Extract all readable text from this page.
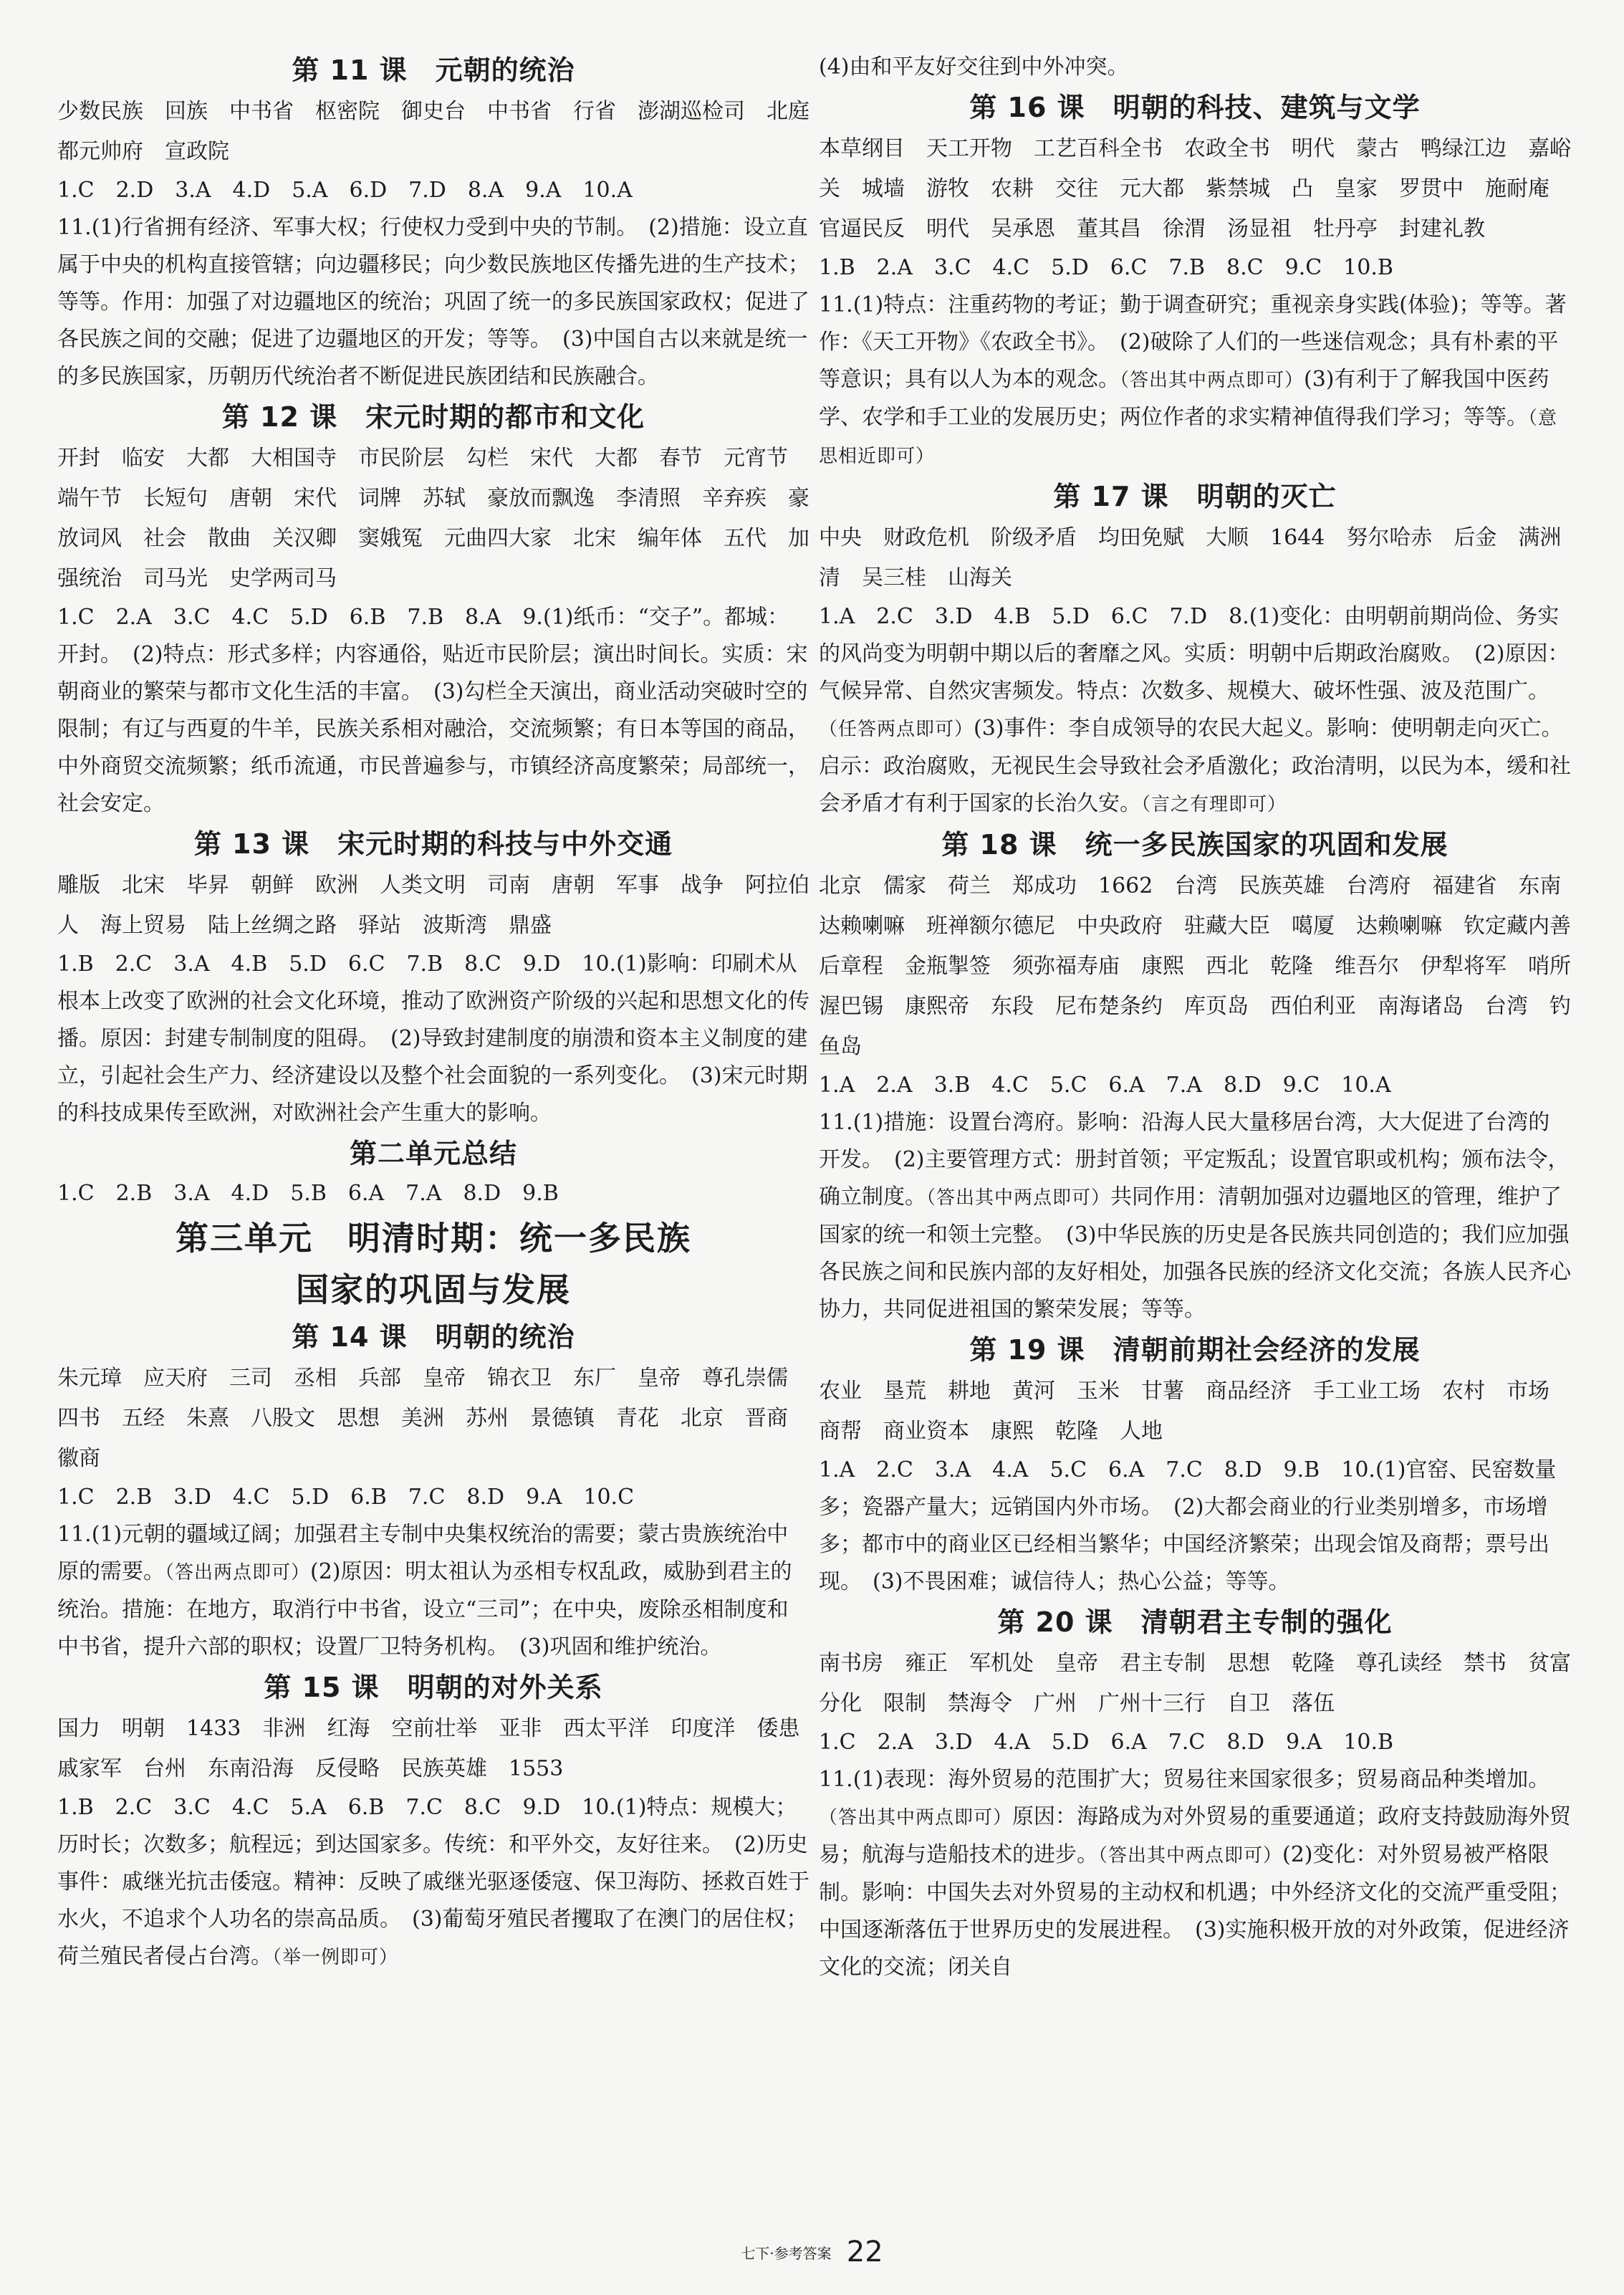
第 11 课　元朝的统治
少数民族　回族　中书省　枢密院　御史台　中书省　行省　澎湖巡检司　北庭都元帅府　宣政院
1.C　2.D　3.A　4.D　5.A　6.D　7.D　8.A　9.A　10.A
11.(1)行省拥有经济、军事大权；行使权力受到中央的节制。　(2)措施：设立直属于中央的机构直接管辖；向边疆移民；向少数民族地区传播先进的生产技术；等等。作用：加强了对边疆地区的统治；巩固了统一的多民族国家政权；促进了各民族之间的交融；促进了边疆地区的开发；等等。　(3)中国自古以来就是统一的多民族国家，历朝历代统治者不断促进民族团结和民族融合。
第 12 课　宋元时期的都市和文化
开封　临安　大都　大相国寺　市民阶层　勾栏　宋代　大都　春节　元宵节　端午节　长短句　唐朝　宋代　词牌　苏轼　豪放而飘逸　李清照　辛弃疾　豪放词风　社会　散曲　关汉卿　窦娥冤　元曲四大家　北宋　编年体　五代　加强统治　司马光　史学两司马
1.C　2.A　3.C　4.C　5.D　6.B　7.B　8.A　9.(1)纸币：“交子”。都城：开封。　(2)特点：形式多样；内容通俗，贴近市民阶层；演出时间长。实质：宋朝商业的繁荣与都市文化生活的丰富。　(3)勾栏全天演出，商业活动突破时空的限制；有辽与西夏的牛羊，民族关系相对融洽，交流频繁；有日本等国的商品，中外商贸交流频繁；纸币流通，市民普遍参与，市镇经济高度繁荣；局部统一，社会安定。
第 13 课　宋元时期的科技与中外交通
雕版　北宋　毕昇　朝鲜　欧洲　人类文明　司南　唐朝　军事　战争　阿拉伯人　海上贸易　陆上丝绸之路　驿站　波斯湾　鼎盛
1.B　2.C　3.A　4.B　5.D　6.C　7.B　8.C　9.D　10.(1)影响：印刷术从根本上改变了欧洲的社会文化环境，推动了欧洲资产阶级的兴起和思想文化的传播。原因：封建专制制度的阻碍。　(2)导致封建制度的崩溃和资本主义制度的建立，引起社会生产力、经济建设以及整个社会面貌的一系列变化。　(3)宋元时期的科技成果传至欧洲，对欧洲社会产生重大的影响。
第二单元总结
1.C　2.B　3.A　4.D　5.B　6.A　7.A　8.D　9.B
第三单元　明清时期：统一多民族
国家的巩固与发展
第 14 课　明朝的统治
朱元璋　应天府　三司　丞相　兵部　皇帝　锦衣卫　东厂　皇帝　尊孔崇儒　四书　五经　朱熹　八股文　思想　美洲　苏州　景德镇　青花　北京　晋商　徽商
1.C　2.B　3.D　4.C　5.D　6.B　7.C　8.D　9.A　10.C
11.(1)元朝的疆域辽阔；加强君主专制中央集权统治的需要；蒙古贵族统治中原的需要。（答出两点即可）(2)原因：明太祖认为丞相专权乱政，威胁到君主的统治。措施：在地方，取消行中书省，设立“三司”；在中央，废除丞相制度和中书省，提升六部的职权；设置厂卫特务机构。　(3)巩固和维护统治。
第 15 课　明朝的对外关系
国力　明朝　1433　非洲　红海　空前壮举　亚非　西太平洋　印度洋　倭患　戚家军　台州　东南沿海　反侵略　民族英雄　1553
1.B　2.C　3.C　4.C　5.A　6.B　7.C　8.C　9.D　10.(1)特点：规模大；历时长；次数多；航程远；到达国家多。传统：和平外交，友好往来。　(2)历史事件：戚继光抗击倭寇。精神：反映了戚继光驱逐倭寇、保卫海防、拯救百姓于水火，不追求个人功名的崇高品质。　(3)葡萄牙殖民者攫取了在澳门的居住权；荷兰殖民者侵占台湾。（举一例即可）
(4)由和平友好交往到中外冲突。
第 16 课　明朝的科技、建筑与文学
本草纲目　天工开物　工艺百科全书　农政全书　明代　蒙古　鸭绿江边　嘉峪关　城墙　游牧　农耕　交往　元大都　紫禁城　凸　皇家　罗贯中　施耐庵　官逼民反　明代　吴承恩　董其昌　徐渭　汤显祖　牡丹亭　封建礼教
1.B　2.A　3.C　4.C　5.D　6.C　7.B　8.C　9.C　10.B
11.(1)特点：注重药物的考证；勤于调查研究；重视亲身实践(体验)；等等。著作：《天工开物》《农政全书》。　(2)破除了人们的一些迷信观念；具有朴素的平等意识；具有以人为本的观念。（答出其中两点即可）(3)有利于了解我国中医药学、农学和手工业的发展历史；两位作者的求实精神值得我们学习；等等。（意思相近即可）
第 17 课　明朝的灭亡
中央　财政危机　阶级矛盾　均田免赋　大顺　1644　努尔哈赤　后金　满洲　清　吴三桂　山海关
1.A　2.C　3.D　4.B　5.D　6.C　7.D　8.(1)变化：由明朝前期尚俭、务实的风尚变为明朝中期以后的奢靡之风。实质：明朝中后期政治腐败。　(2)原因：气候异常、自然灾害频发。特点：次数多、规模大、破坏性强、波及范围广。（任答两点即可）(3)事件：李自成领导的农民大起义。影响：使明朝走向灭亡。启示：政治腐败，无视民生会导致社会矛盾激化；政治清明，以民为本，缓和社会矛盾才有利于国家的长治久安。（言之有理即可）
第 18 课　统一多民族国家的巩固和发展
北京　儒家　荷兰　郑成功　1662　台湾　民族英雄　台湾府　福建省　东南　达赖喇嘛　班禅额尔德尼　中央政府　驻藏大臣　噶厦　达赖喇嘛　钦定藏内善后章程　金瓶掣签　须弥福寿庙　康熙　西北　乾隆　维吾尔　伊犁将军　哨所　渥巴锡　康熙帝　东段　尼布楚条约　库页岛　西伯利亚　南海诸岛　台湾　钓鱼岛
1.A　2.A　3.B　4.C　5.C　6.A　7.A　8.D　9.C　10.A
11.(1)措施：设置台湾府。影响：沿海人民大量移居台湾，大大促进了台湾的开发。　(2)主要管理方式：册封首领；平定叛乱；设置官职或机构；颁布法令，确立制度。（答出其中两点即可）共同作用：清朝加强对边疆地区的管理，维护了国家的统一和领土完整。　(3)中华民族的历史是各民族共同创造的；我们应加强各民族之间和民族内部的友好相处，加强各民族的经济文化交流；各族人民齐心协力，共同促进祖国的繁荣发展；等等。
第 19 课　清朝前期社会经济的发展
农业　垦荒　耕地　黄河　玉米　甘薯　商品经济　手工业工场　农村　市场　商帮　商业资本　康熙　乾隆　人地
1.A　2.C　3.A　4.A　5.C　6.A　7.C　8.D　9.B　10.(1)官窑、民窑数量多；瓷器产量大；远销国内外市场。　(2)大都会商业的行业类别增多，市场增多；都市中的商业区已经相当繁华；中国经济繁荣；出现会馆及商帮；票号出现。　(3)不畏困难；诚信待人；热心公益；等等。
第 20 课　清朝君主专制的强化
南书房　雍正　军机处　皇帝　君主专制　思想　乾隆　尊孔读经　禁书　贫富分化　限制　禁海令　广州　广州十三行　自卫　落伍
1.C　2.A　3.D　4.A　5.D　6.A　7.C　8.D　9.A　10.B
11.(1)表现：海外贸易的范围扩大；贸易往来国家很多；贸易商品种类增加。（答出其中两点即可）原因：海路成为对外贸易的重要通道；政府支持鼓励海外贸易；航海与造船技术的进步。（答出其中两点即可）(2)变化：对外贸易被严格限制。影响：中国失去对外贸易的主动权和机遇；中外经济文化的交流严重受阻；中国逐渐落伍于世界历史的发展进程。　(3)实施积极开放的对外政策，促进经济文化的交流；闭关自
七下·参考答案 22
